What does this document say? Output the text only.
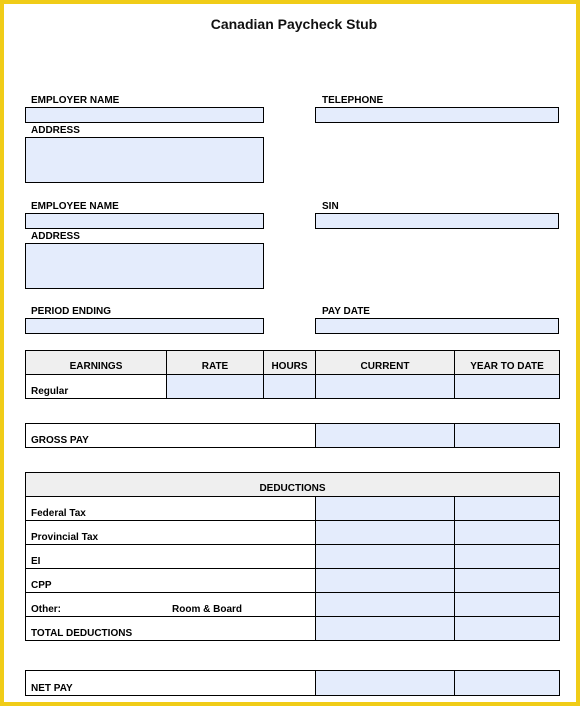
Canadian Paycheck Stub
EMPLOYER NAME	TELEPHONE
ADDRESS
EMPLOYEE NAME	SIN
ADDRESS
PERIOD ENDING	PAY DATE
EARNINGS	RATE	HOURS	CURRENT	YEAR TO DATE
Regular				
GROSS PAY		
DEDUCTIONS		
Federal Tax		
Provincial Tax		
EI		
CPP		
Other: Room & Board		

TOTAL DEDUCTIONS		
NET PAY		
